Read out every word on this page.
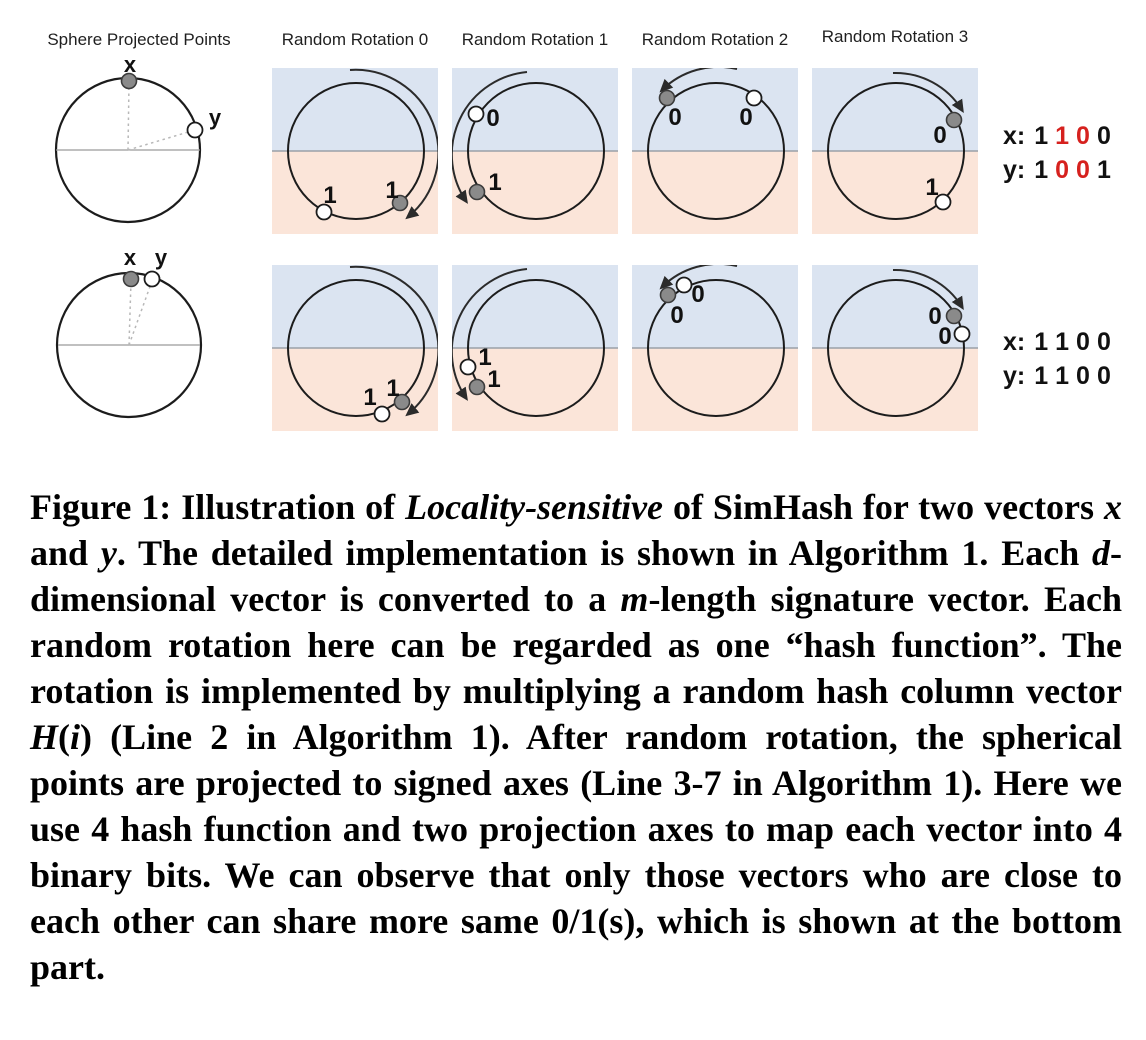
Sphere Projected Points	Random Rotation 0	Random Rotation 1	Random Rotation 2	Random Rotation 3
x
y
1 1
0
1
0 0
0
1
x: 1 1 0 0
y: 1 0 0 1
x y
1 1
1
1
0
0	0
0 x: 1 1 0 0
y: 1 1 0 0

Figure 1: Illustration of Locality-sensitive of SimHash for two vectors x and y. The detailed implementation is shown in Algorithm 1. Each d-dimensional vector is converted to a m-length signature vector. Each random rotation here can be regarded as one “hash function”. The rotation is implemented by multiplying a random hash column vector H(i) (Line 2 in Algorithm 1). After random rotation, the spherical points are projected to signed axes (Line 3-7 in Algorithm 1). Here we use 4 hash function and two projection axes to map each vector into 4 binary bits. We can observe that only those vectors who are close to each other can share more same 0/1(s), which is shown at the bottom part.
